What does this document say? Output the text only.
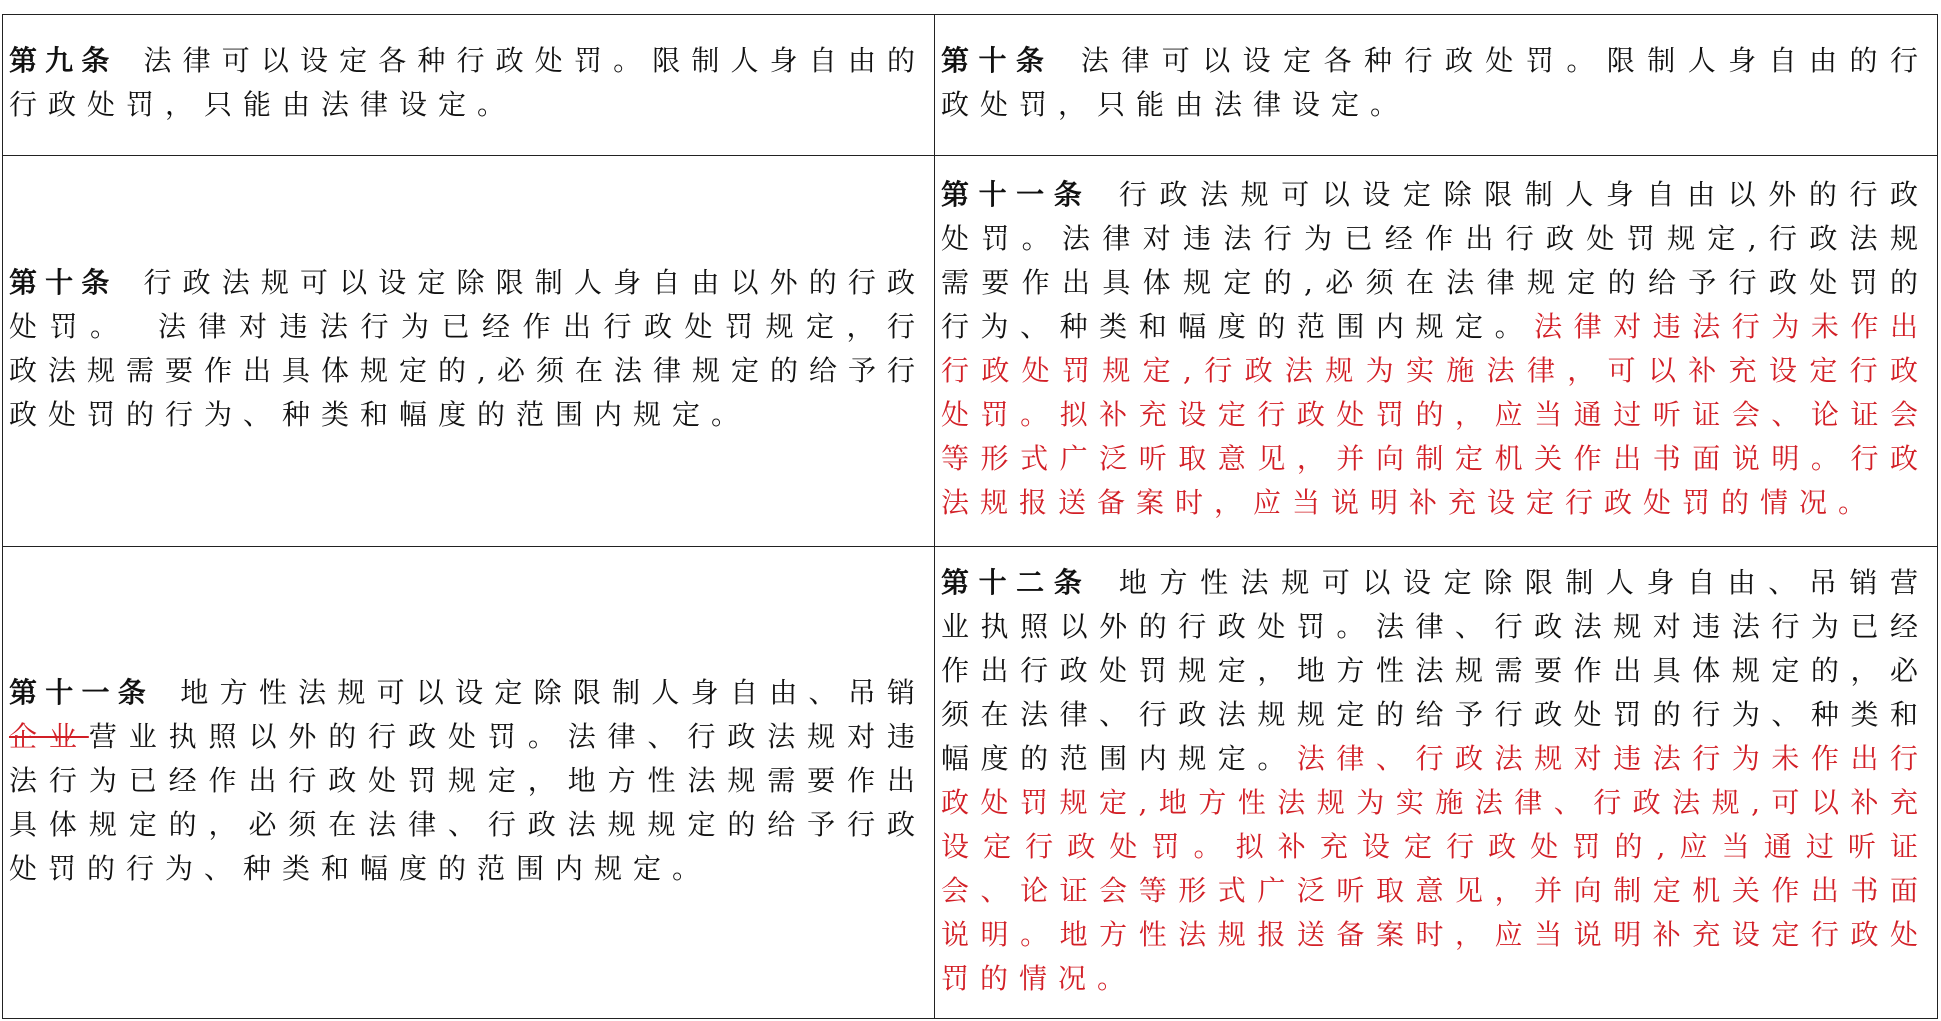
第九条 法律可以设定各种行政处罚。限制人身自由的行政处罚，只能由法律设定。	第十条 法律可以设定各种行政处罚。限制人身自由的行政处罚，只能由法律设定。
第十条 行政法规可以设定除限制人身自由以外的行政处罚。 法律对违法行为已经作出行政处罚规定，行政法规需要作出具体规定的,必须在法律规定的给予行政处罚的行为、种类和幅度的范围内规定。	第十一条 行政法规可以设定除限制人身自由以外的行政处罚。法律对违法行为已经作出行政处罚规定,行政法规需要作出具体规定的,必须在法律规定的给予行政处罚的行为、种类和幅度的范围内规定。法律对违法行为未作出行政处罚规定,行政法规为实施法律，可以补充设定行政处罚。拟补充设定行政处罚的，应当通过听证会、论证会等形式广泛听取意见，并向制定机关作出书面说明。行政法规报送备案时，应当说明补充设定行政处罚的情况。
第十一条 地方性法规可以设定除限制人身自由、吊销企业营业执照以外的行政处罚。法律、行政法规对违法行为已经作出行政处罚规定，地方性法规需要作出具体规定的，必须在法律、行政法规规定的给予行政处罚的行为、种类和幅度的范围内规定。	第十二条 地方性法规可以设定除限制人身自由、吊销营业执照以外的行政处罚。法律、行政法规对违法行为已经作出行政处罚规定，地方性法规需要作出具体规定的，必须在法律、行政法规规定的给予行政处罚的行为、种类和幅度的范围内规定。法律、行政法规对违法行为未作出行政处罚规定,地方性法规为实施法律、行政法规,可以补充设定行政处罚。拟补充设定行政处罚的,应当通过听证会、论证会等形式广泛听取意见，并向制定机关作出书面说明。地方性法规报送备案时，应当说明补充设定行政处罚的情况。
